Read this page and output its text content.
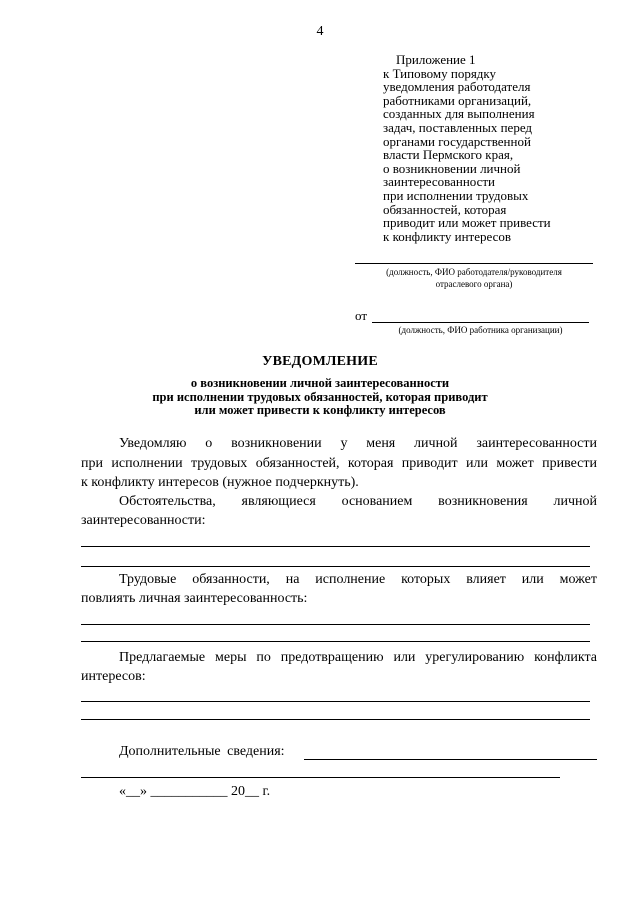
4
Приложение 1
к Типовому порядку
уведомления работодателя
работниками организаций,
созданных для выполнения
задач, поставленных перед
органами государственной
власти Пермского края,
о возникновении личной
заинтересованности
при исполнении трудовых
обязанностей, которая
приводит или может привести
к конфликту интересов
(должность, ФИО работодателя/руководителя
отраслевого органа)
от
(должность, ФИО работника организации)
УВЕДОМЛЕНИЕ
о возникновении личной заинтересованности
при исполнении трудовых обязанностей, которая приводит
или может привести к конфликту интересов
Уведомляю о возникновении у меня личной заинтересованности
при исполнении трудовых обязанностей, которая приводит или может привести
к конфликту интересов (нужное подчеркнуть).
Обстоятельства, являющиеся основанием возникновения личной
заинтересованности:
Трудовые обязанности, на исполнение которых влияет или может
повлиять личная заинтересованность:
Предлагаемые меры по предотвращению или урегулированию конфликта
интересов:
Дополнительные сведения:
«__» ___________ 20__ г.
